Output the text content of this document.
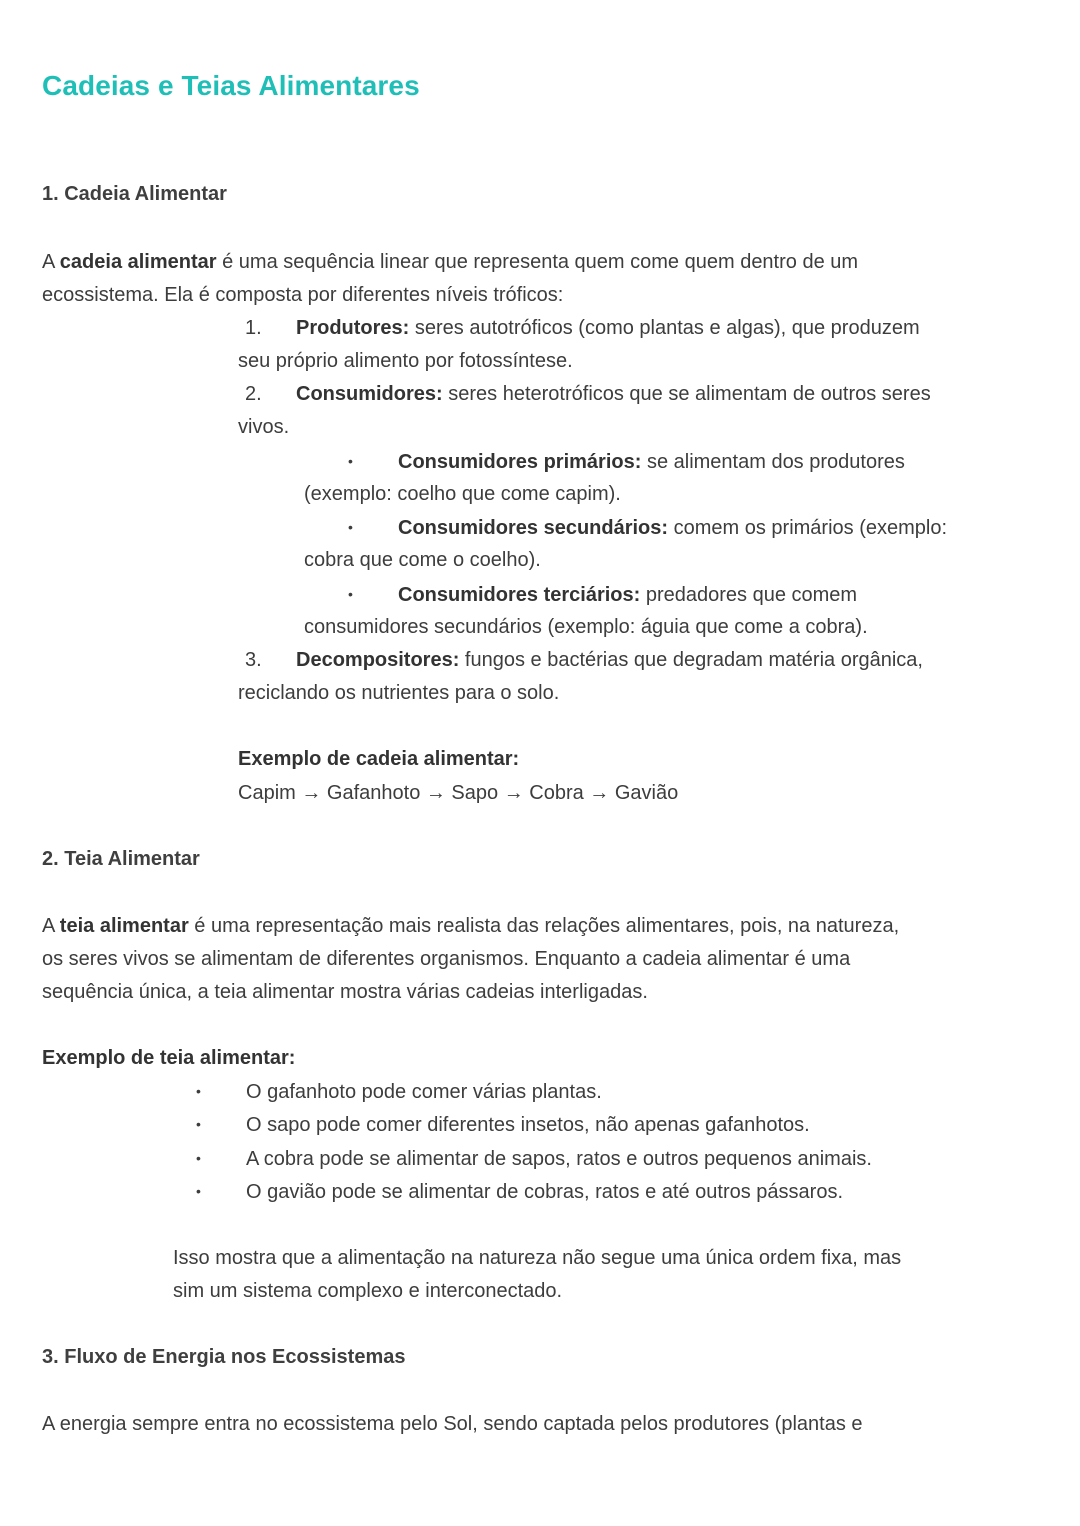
Cadeias e Teias Alimentares
1. Cadeia Alimentar
A cadeia alimentar é uma sequência linear que representa quem come quem dentro de um
ecossistema. Ela é composta por diferentes níveis tróficos:
1. Produtores: seres autotróficos (como plantas e algas), que produzem
seu próprio alimento por fotossíntese.
2. Consumidores: seres heterotróficos que se alimentam de outros seres
vivos.
• Consumidores primários: se alimentam dos produtores
(exemplo: coelho que come capim).
• Consumidores secundários: comem os primários (exemplo:
cobra que come o coelho).
• Consumidores terciários: predadores que comem
consumidores secundários (exemplo: águia que come a cobra).
3. Decompositores: fungos e bactérias que degradam matéria orgânica,
reciclando os nutrientes para o solo.
Exemplo de cadeia alimentar:
Capim → Gafanhoto → Sapo → Cobra → Gavião
2. Teia Alimentar
A teia alimentar é uma representação mais realista das relações alimentares, pois, na natureza,
os seres vivos se alimentam de diferentes organismos. Enquanto a cadeia alimentar é uma
sequência única, a teia alimentar mostra várias cadeias interligadas.
Exemplo de teia alimentar:
• O gafanhoto pode comer várias plantas.
• O sapo pode comer diferentes insetos, não apenas gafanhotos.
• A cobra pode se alimentar de sapos, ratos e outros pequenos animais.
• O gavião pode se alimentar de cobras, ratos e até outros pássaros.
Isso mostra que a alimentação na natureza não segue uma única ordem fixa, mas
sim um sistema complexo e interconectado.
3. Fluxo de Energia nos Ecossistemas
A energia sempre entra no ecossistema pelo Sol, sendo captada pelos produtores (plantas e
